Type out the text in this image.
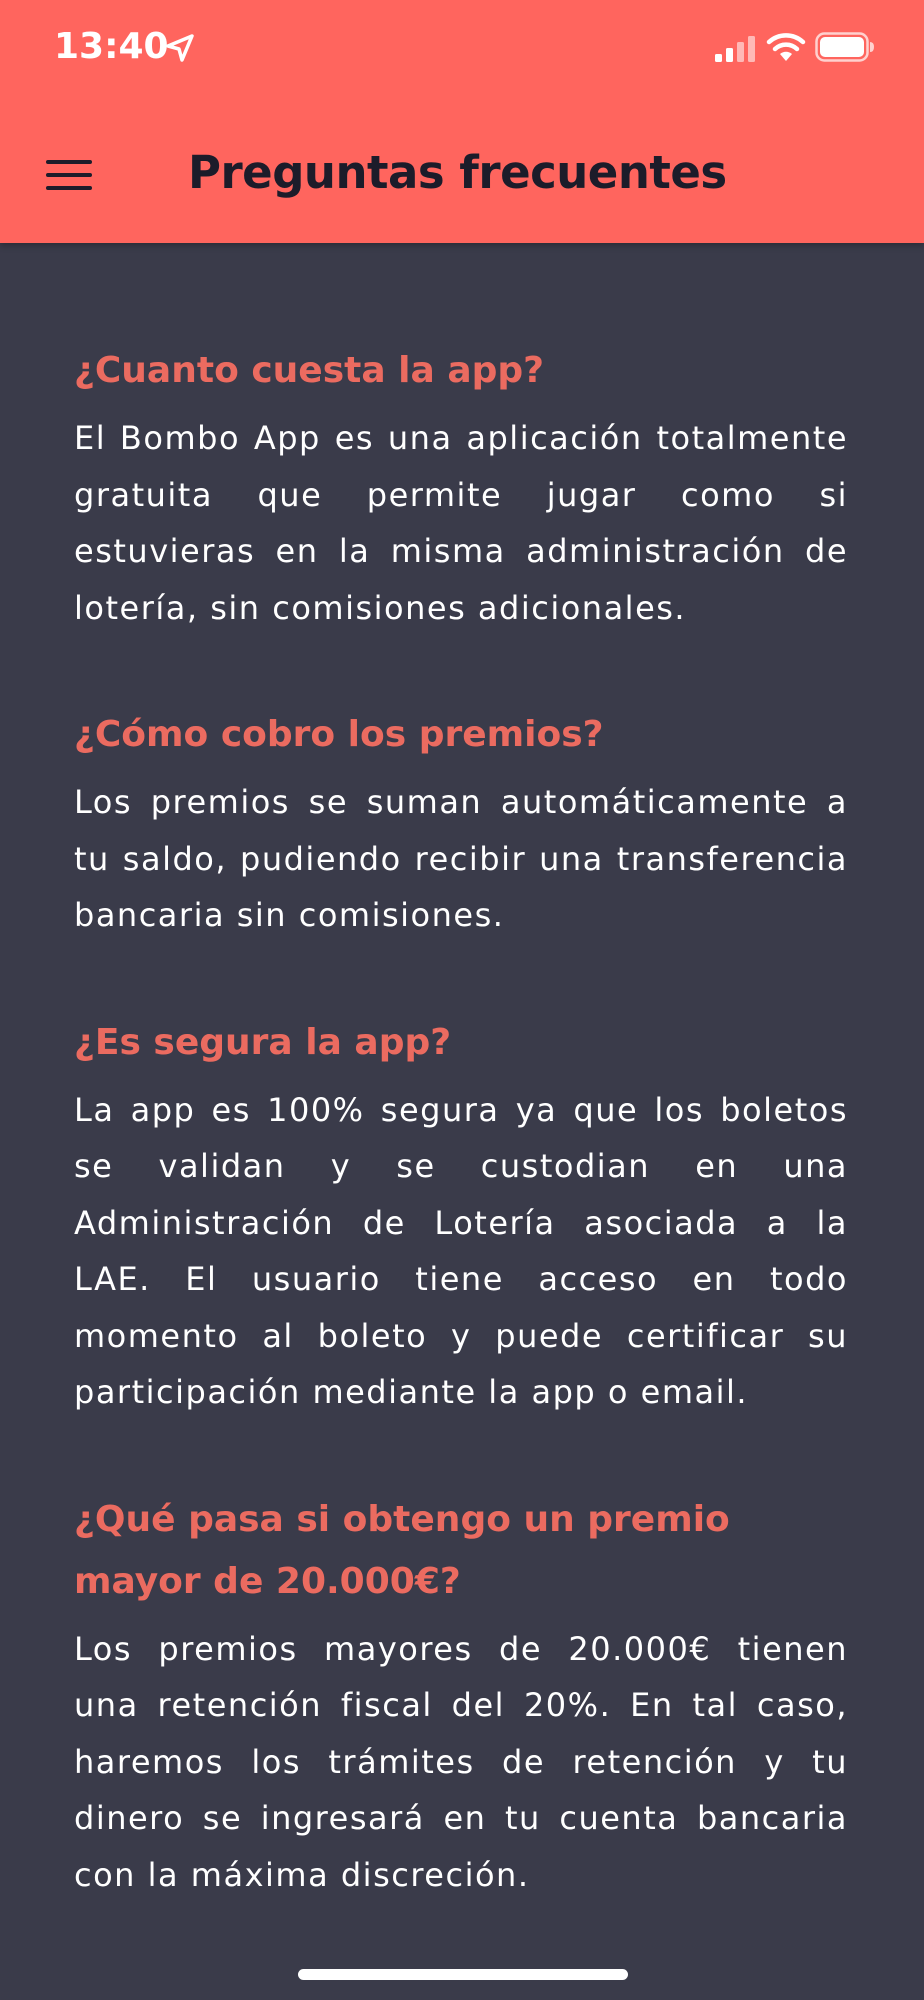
13:40
Preguntas frecuentes
¿Cuanto cuesta la app?

El Bombo App es una aplicación totalmente gratuita que permite jugar como si estuvieras en la misma administración de lotería, sin comisiones adicionales.

¿Cómo cobro los premios?

Los premios se suman automáticamente a tu saldo, pudiendo recibir una transferencia bancaria sin comisiones.

¿Es segura la app?

La app es 100% segura ya que los boletos se validan y se custodian en una Administración de Lotería asociada a la LAE. El usuario tiene acceso en todo momento al boleto y puede certificar su participación mediante la app o email.

¿Qué pasa si obtengo un premio mayor de 20.000€?

Los premios mayores de 20.000€ tienen una retención fiscal del 20%. En tal caso, haremos los trámites de retención y tu dinero se ingresará en tu cuenta bancaria con la máxima discreción.
